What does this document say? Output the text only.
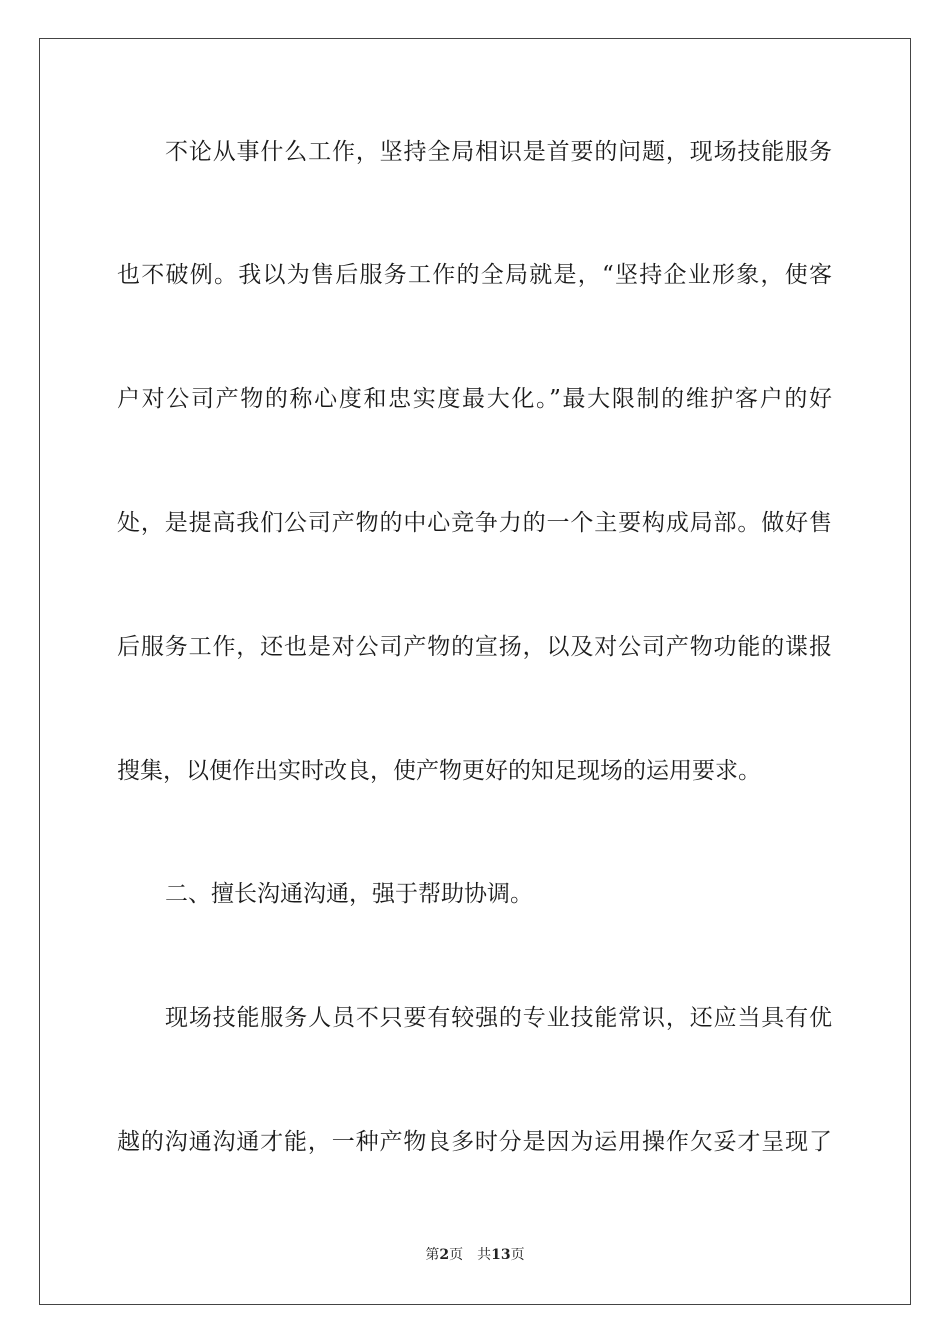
不论从事什么工作，坚持全局相识是首要的问题，现场技能服务
也不破例。我以为售后服务工作的全局就是，“坚持企业形象，使客
户对公司产物的称心度和忠实度最大化。”最大限制的维护客户的好
处，是提高我们公司产物的中心竞争力的一个主要构成局部。做好售
后服务工作，还也是对公司产物的宣扬，以及对公司产物功能的谍报
搜集，以便作出实时改良，使产物更好的知足现场的运用要求。
二、擅长沟通沟通，强于帮助协调。
现场技能服务人员不只要有较强的专业技能常识，还应当具有优
越的沟通沟通才能，一种产物良多时分是因为运用操作欠妥才呈现了
第2页 共13页
